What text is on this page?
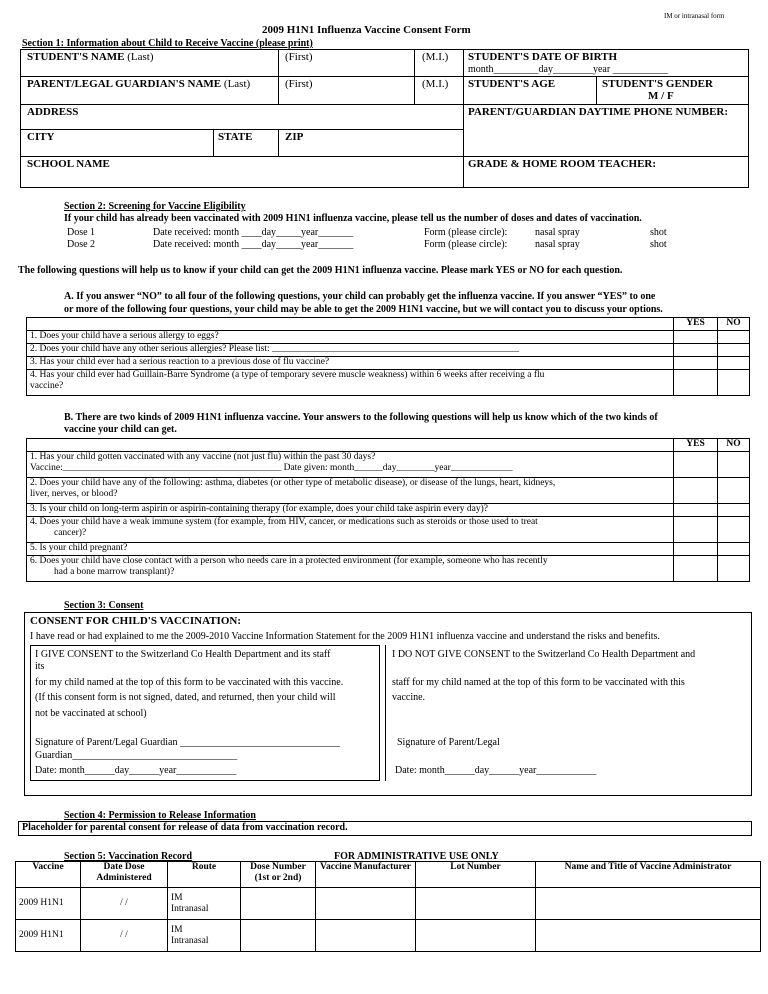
IM or intranasal form
2009 H1N1 Influenza Vaccine Consent Form
Section 1: Information about Child to Receive Vaccine (please print)
STUDENT'S NAME (Last)	(First)	(M.I.) STUDENT'S DATE OF BIRTH
month_________day________year ___________
PARENT/LEGAL GUARDIAN'S NAME (Last)	(First)	(M.I.) STUDENT'S AGE	STUDENT'S GENDER
M / F
ADDRESS	PARENT/GUARDIAN DAYTIME PHONE NUMBER:
CITY	STATE	ZIP
SCHOOL NAME	GRADE & HOME ROOM TEACHER:
Section 2: Screening for Vaccine Eligibility
If your child has already been vaccinated with 2009 H1N1 influenza vaccine, please tell us the number of doses and dates of vaccination.
Dose 1	Date received: month ____day_____year_______	Form (please circle):	nasal spray	shot
Dose 2	Date received: month ____day_____year_______	Form (please circle):	nasal spray	shot
The following questions will help us to know if your child can get the 2009 H1N1 influenza vaccine. Please mark YES or NO for each question.
A. If you answer “NO” to all four of the following questions, your child can probably get the influenza vaccine. If you answer “YES” to one
or more of the following four questions, your child may be able to get the 2009 H1N1 vaccine, but we will contact you to discuss your options.
	YES	NO
1. Does your child have a serious allergy to eggs?		
2. Does your child have any other serious allergies? Please list: ____________________________________________________		
3. Has your child ever had a serious reaction to a previous dose of flu vaccine?		

4. Has your child ever had Guillain-Barre Syndrome (a type of temporary severe muscle weakness) within 6 weeks after receiving a flu
vaccine?		

B. There are two kinds of 2009 H1N1 influenza vaccine. Your answers to the following questions will help us know which of the two kinds of
vaccine your child can get.
	YES	NO

1. Has your child gotten vaccinated with any vaccine (not just flu) within the past 30 days?
Vaccine:______________________________________________ Date given: month______day________year_____________		

2. Does your child have any of the following: asthma, diabetes (or other type of metabolic disease), or disease of the lungs, heart, kidneys,
liver, nerves, or blood?		

3. Is your child on long-term aspirin or aspirin-containing therapy (for example, does your child take aspirin every day)?		

4. Does your child have a weak immune system (for example, from HIV, cancer, or medications such as steroids or those used to treat
cancer)?		

5. Is your child pregnant?		

6. Does your child have close contact with a person who needs care in a protected environment (for example, someone who has recently
had a bone marrow transplant)?		

Section 3: Consent
CONSENT FOR CHILD'S VACCINATION:
I have read or had explained to me the 2009-2010 Vaccine Information Statement for the 2009 H1N1 influenza vaccine and understand the risks and benefits.
I GIVE CONSENT to the Switzerland Co Health Department and its staff
its
for my child named at the top of this form to be vaccinated with this vaccine.
(If this consent form is not signed, dated, and returned, then your child will
not be vaccinated at school)
Signature of Parent/Legal Guardian ________________________________
Guardian_________________________________
Date: month______day______year____________
I DO NOT GIVE CONSENT to the Switzerland Co Health Department and
staff for my child named at the top of this form to be vaccinated with this
vaccine.
Signature of Parent/Legal
Date: month______day______year____________
Section 4: Permission to Release Information
Placeholder for parental consent for release of data from vaccination record.
Section 5: Vaccination Record	FOR ADMINISTRATIVE USE ONLY
Vaccine	Date Dose Administered	Route	Dose Number (1st or 2nd)	Vaccine Manufacturer	Lot Number	Name and Title of Vaccine Administrator
2009 H1N1	/ /	IM
Intranasal				

2009 H1N1	/ /	IM
Intranasal				
